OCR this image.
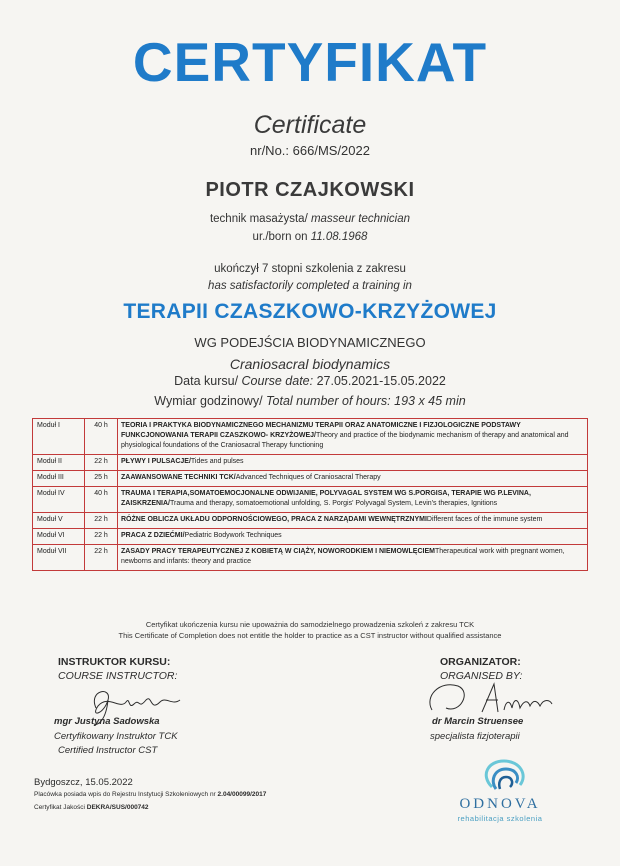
CERTYFIKAT
Certificate
nr/No.: 666/MS/2022
PIOTR CZAJKOWSKI
technik masażysta/ masseur technician
ur./born on 11.08.1968
ukończył 7 stopni szkolenia z zakresu
has satisfactorily completed a training in
TERAPII CZASZKOWO-KRZYŻOWEJ
WG PODEJŚCIA BIODYNAMICZNEGO
Craniosacral biodynamics
Data kursu/ Course date: 27.05.2021-15.05.2022
Wymiar godzinowy/ Total number of hours: 193 x 45 min
Moduł I	40 h	TEORIA I PRAKTYKA BIODYNAMICZNEGO MECHANIZMU TERAPII ORAZ ANATOMICZNE I FIZJOLOGICZNE PODSTAWY FUNKCJONOWANIA TERAPII CZASZKOWO- KRZYŻOWEJ/Theory and practice of the biodynamic mechanism of therapy and anatomical and physiological foundations of the Craniosacral Therapy functioning
Moduł II	22 h	PŁYWY I PULSACJE/Tides and pulses
Moduł III	25 h	ZAAWANSOWANE TECHNIKI TCK/Advanced Techniques of Craniosacral Therapy
Moduł IV	40 h	TRAUMA I TERAPIA,SOMATOEMOCJONALNE ODWIJANIE, POLYVAGAL SYSTEM WG S.PORGISA, TERAPIE WG P.LEVINA, ZAISKRZENIA/Trauma and therapy, somatoemotional unfolding, S. Porgis' Polyvagal System, Levin's therapies, Ignitions
Moduł V	22 h	RÓŻNE OBLICZA UKŁADU ODPORNOŚCIOWEGO, PRACA Z NARZĄDAMI WEWNĘTRZNYMIDifferent faces of the immune system
Moduł VI	22 h	PRACA Z DZIEĆMI/Pediatric Bodywork Techniques
Moduł VII	22 h	ZASADY PRACY TERAPEUTYCZNEJ Z KOBIETĄ W CIĄŻY, NOWORODKIEM I NIEMOWLĘCIEMTherapeutical work with pregnant women, newborns and infants: theory and practice
Certyfikat ukończenia kursu nie upoważnia do samodzielnego prowadzenia szkoleń z zakresu TCK
This Certificate of Completion does not entitle the holder to practice as a CST instructor without qualified assistance
INSTRUKTOR KURSU:
COURSE INSTRUCTOR:
ORGANIZATOR:
ORGANISED BY:
mgr Justyna Sadowska
Certyfikowany Instruktor TCK
Certified Instructor CST
dr Marcin Struensee
specjalista fizjoterapii
Bydgoszcz, 15.05.2022
Placówka posiada wpis do Rejestru Instytucji Szkoleniowych nr 2.04/00099/2017
Certyfikat Jakości DEKRA/SUS/000742	ODNOVA
rehabilitacja szkolenia
